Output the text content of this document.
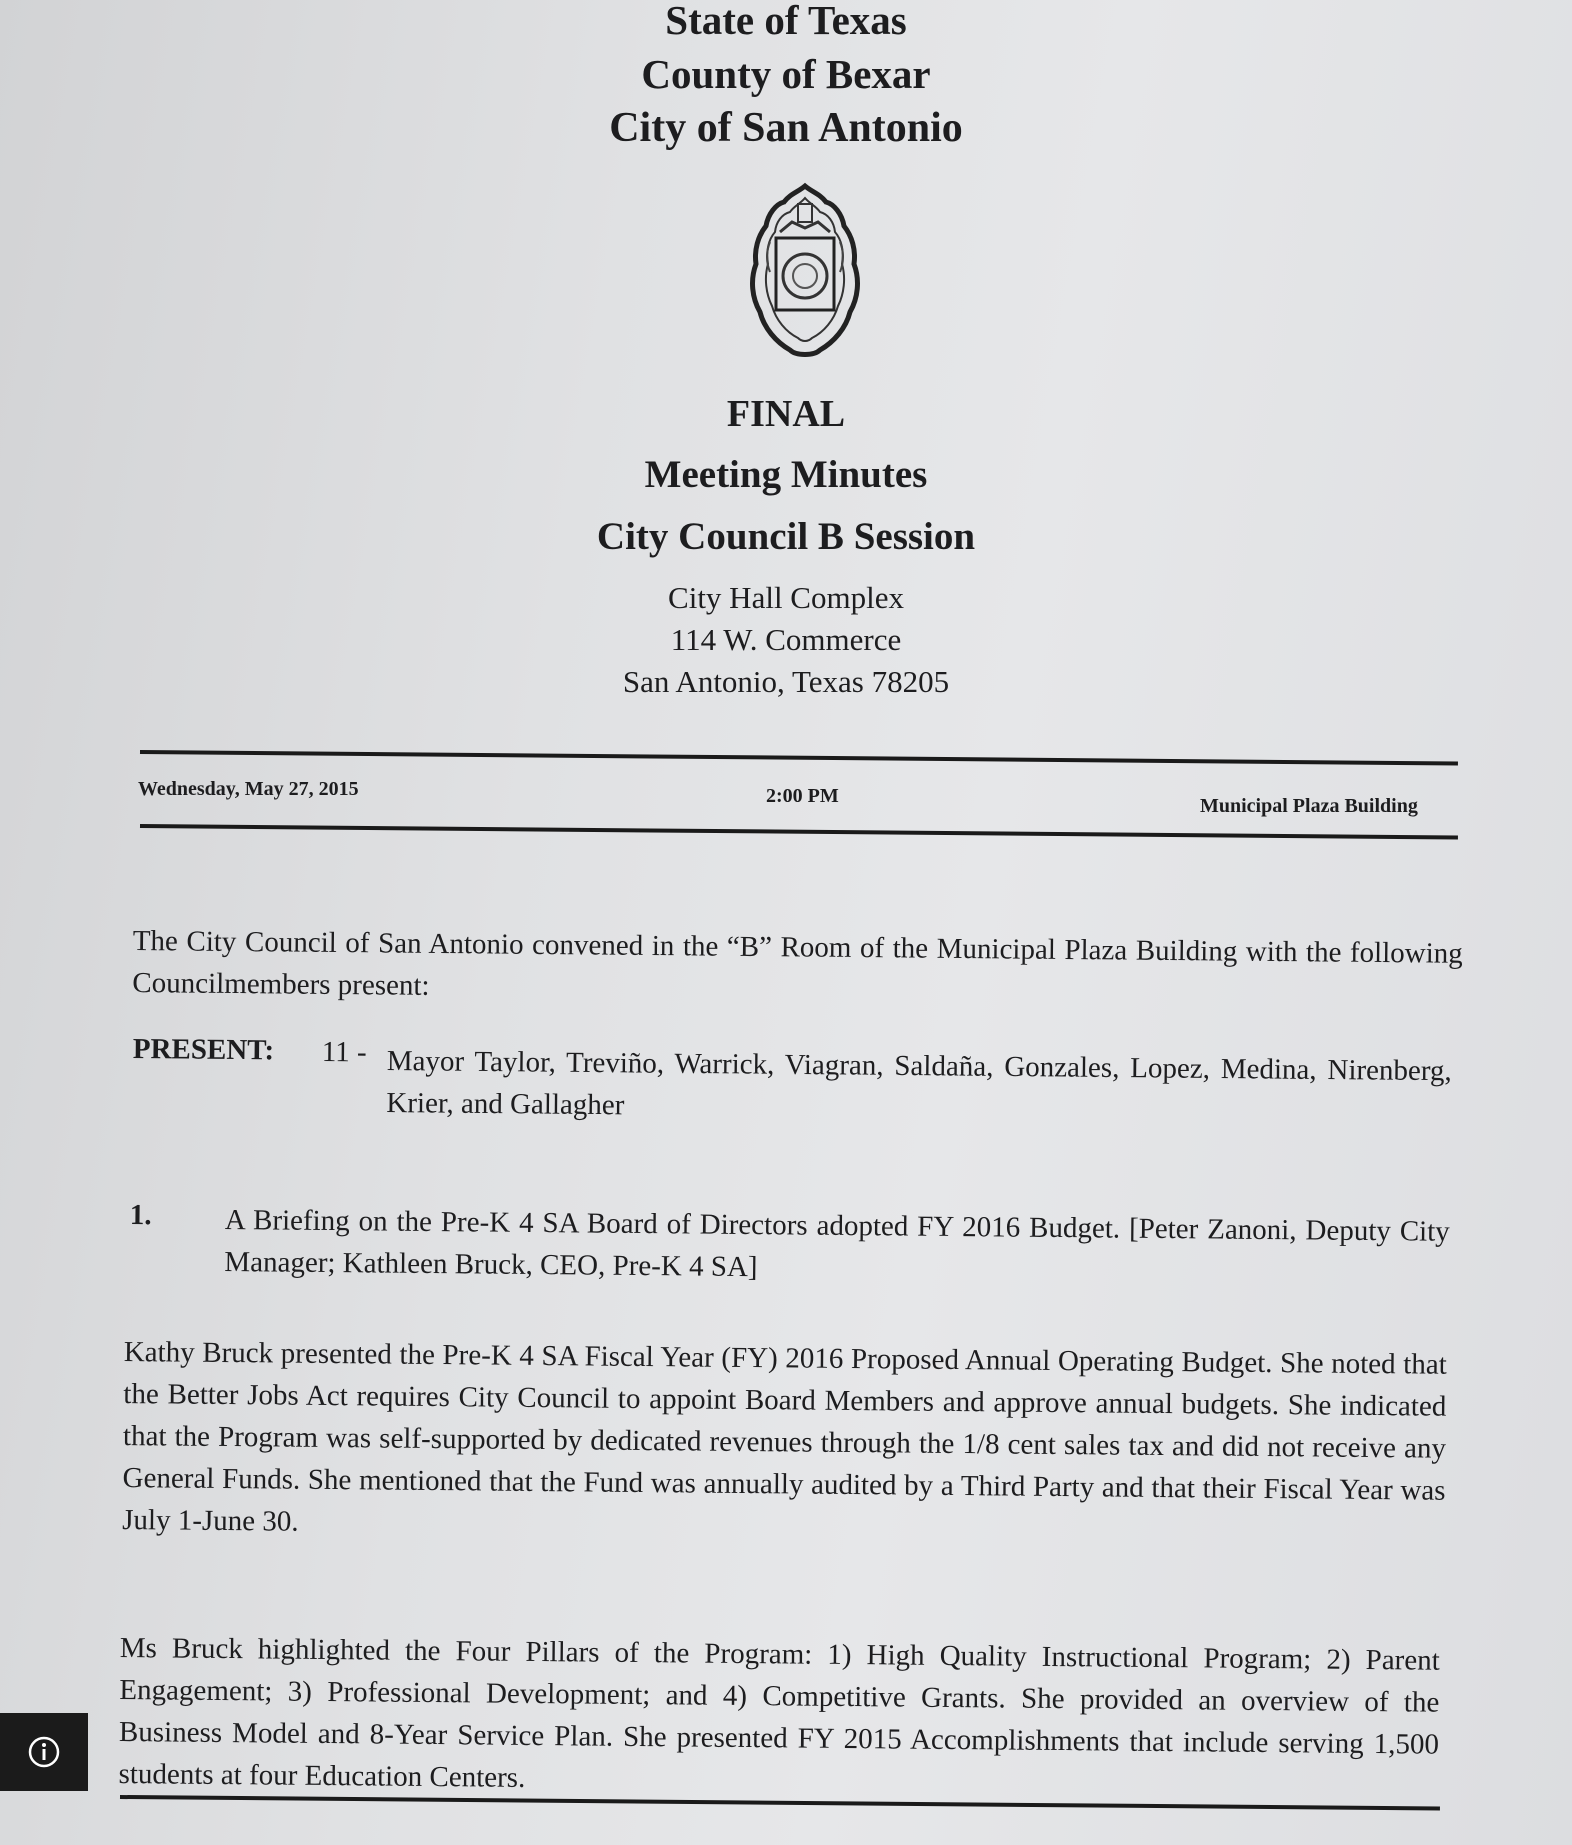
State of Texas
County of Bexar
City of San Antonio
FINAL
Meeting Minutes
City Council B Session
City Hall Complex
114 W. Commerce
San Antonio, Texas 78205
Wednesday, May 27, 2015	2:00 PM	Municipal Plaza Building
The City Council of San Antonio convened in the “B” Room of the Municipal Plaza Building with the following Councilmembers present:
PRESENT: 11 - Mayor Taylor, Treviño, Warrick, Viagran, Saldaña, Gonzales, Lopez, Medina, Nirenberg, Krier, and Gallagher
1.	A Briefing on the Pre-K 4 SA Board of Directors adopted FY 2016 Budget. [Peter Zanoni, Deputy City Manager; Kathleen Bruck, CEO, Pre-K 4 SA]
Kathy Bruck presented the Pre-K 4 SA Fiscal Year (FY) 2016 Proposed Annual Operating Budget. She noted that the Better Jobs Act requires City Council to appoint Board Members and approve annual budgets. She indicated that the Program was self-supported by dedicated revenues through the 1/8 cent sales tax and did not receive any General Funds. She mentioned that the Fund was annually audited by a Third Party and that their Fiscal Year was July 1-June 30.
Ms Bruck highlighted the Four Pillars of the Program: 1) High Quality Instructional Program; 2) Parent Engagement; 3) Professional Development; and 4) Competitive Grants. She provided an overview of the Business Model and 8-Year Service Plan. She presented FY 2015 Accomplishments that include serving 1,500 students at four Education Centers.
